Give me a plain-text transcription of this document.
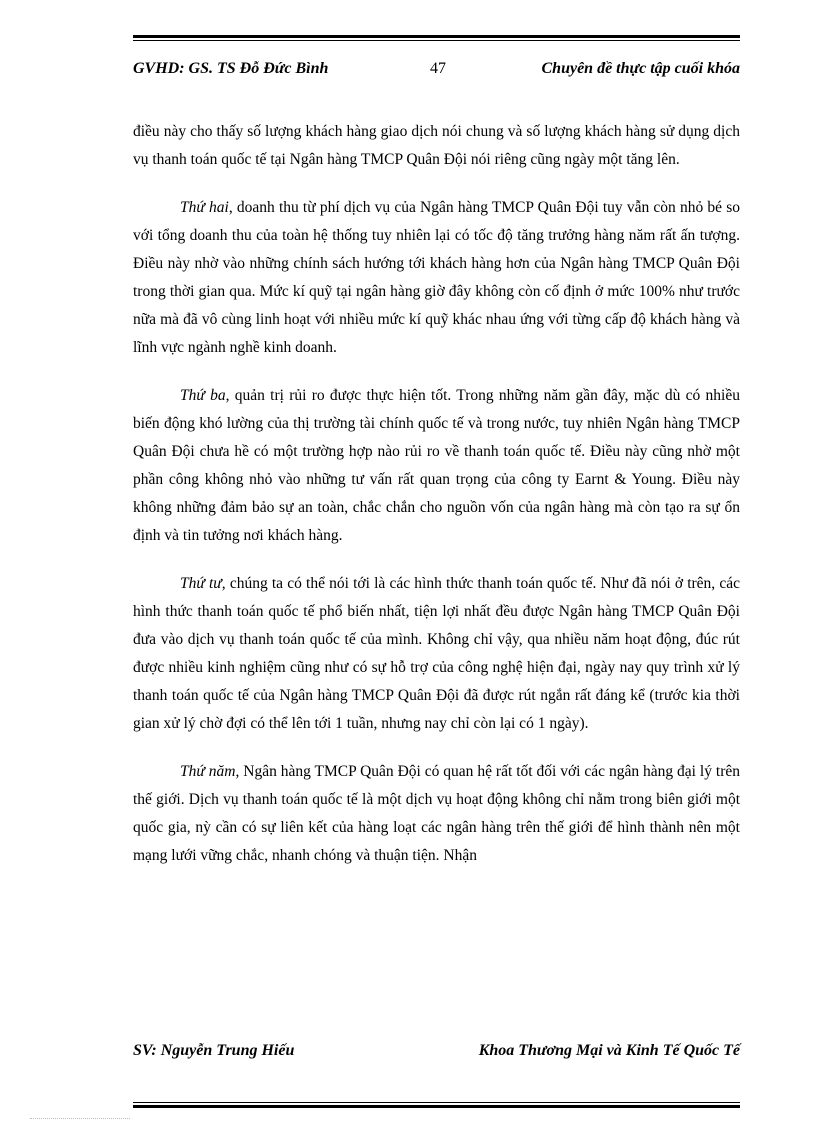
GVHD: GS. TS Đỗ Đức Bình	47	Chuyên đề thực tập cuối khóa

điều này cho thấy số lượng khách hàng giao dịch nói chung và số lượng khách hàng sử dụng dịch vụ thanh toán quốc tế tại Ngân hàng TMCP Quân Đội nói riêng cũng ngày một tăng lên.

Thứ hai, doanh thu từ phí dịch vụ của Ngân hàng TMCP Quân Đội tuy vẫn còn nhỏ bé so với tổng doanh thu của toàn hệ thống tuy nhiên lại có tốc độ tăng trưởng hàng năm rất ấn tượng. Điều này nhờ vào những chính sách hướng tới khách hàng hơn của Ngân hàng TMCP Quân Đội trong thời gian qua. Mức kí quỹ tại ngân hàng giờ đây không còn cố định ở mức 100% như trước nữa mà đã vô cùng linh hoạt với nhiều mức kí quỹ khác nhau ứng với từng cấp độ khách hàng và lĩnh vực ngành nghề kinh doanh.

Thứ ba, quản trị rủi ro được thực hiện tốt. Trong những năm gần đây, mặc dù có nhiều biến động khó lường của thị trường tài chính quốc tế và trong nước, tuy nhiên Ngân hàng TMCP Quân Đội chưa hề có một trường hợp nào rủi ro về thanh toán quốc tế. Điều này cũng nhờ một phần công không nhỏ vào những tư vấn rất quan trọng của công ty Earnt & Young. Điều này không những đảm bảo sự an toàn, chắc chắn cho nguồn vốn của ngân hàng mà còn tạo ra sự ổn định và tin tưởng nơi khách hàng.

Thứ tư, chúng ta có thể nói tới là các hình thức thanh toán quốc tế. Như đã nói ở trên, các hình thức thanh toán quốc tế phổ biến nhất, tiện lợi nhất đều được Ngân hàng TMCP Quân Đội đưa vào dịch vụ thanh toán quốc tế của mình. Không chỉ vậy, qua nhiều năm hoạt động, đúc rút được nhiều kinh nghiệm cũng như có sự hỗ trợ của công nghệ hiện đại, ngày nay quy trình xử lý thanh toán quốc tế của Ngân hàng TMCP Quân Đội đã được rút ngắn rất đáng kể (trước kia thời gian xử lý chờ đợi có thể lên tới 1 tuần, nhưng nay chỉ còn lại có 1 ngày).

Thứ năm, Ngân hàng TMCP Quân Đội có quan hệ rất tốt đối với các ngân hàng đại lý trên thế giới. Dịch vụ thanh toán quốc tế là một dịch vụ hoạt động không chỉ nằm trong biên giới một quốc gia, nỳ cần có sự liên kết của hàng loạt các ngân hàng trên thế giới để hình thành nên một mạng lưới vững chắc, nhanh chóng và thuận tiện. Nhận

SV: Nguyễn Trung Hiếu	Khoa Thương Mại và Kinh Tế Quốc Tế
